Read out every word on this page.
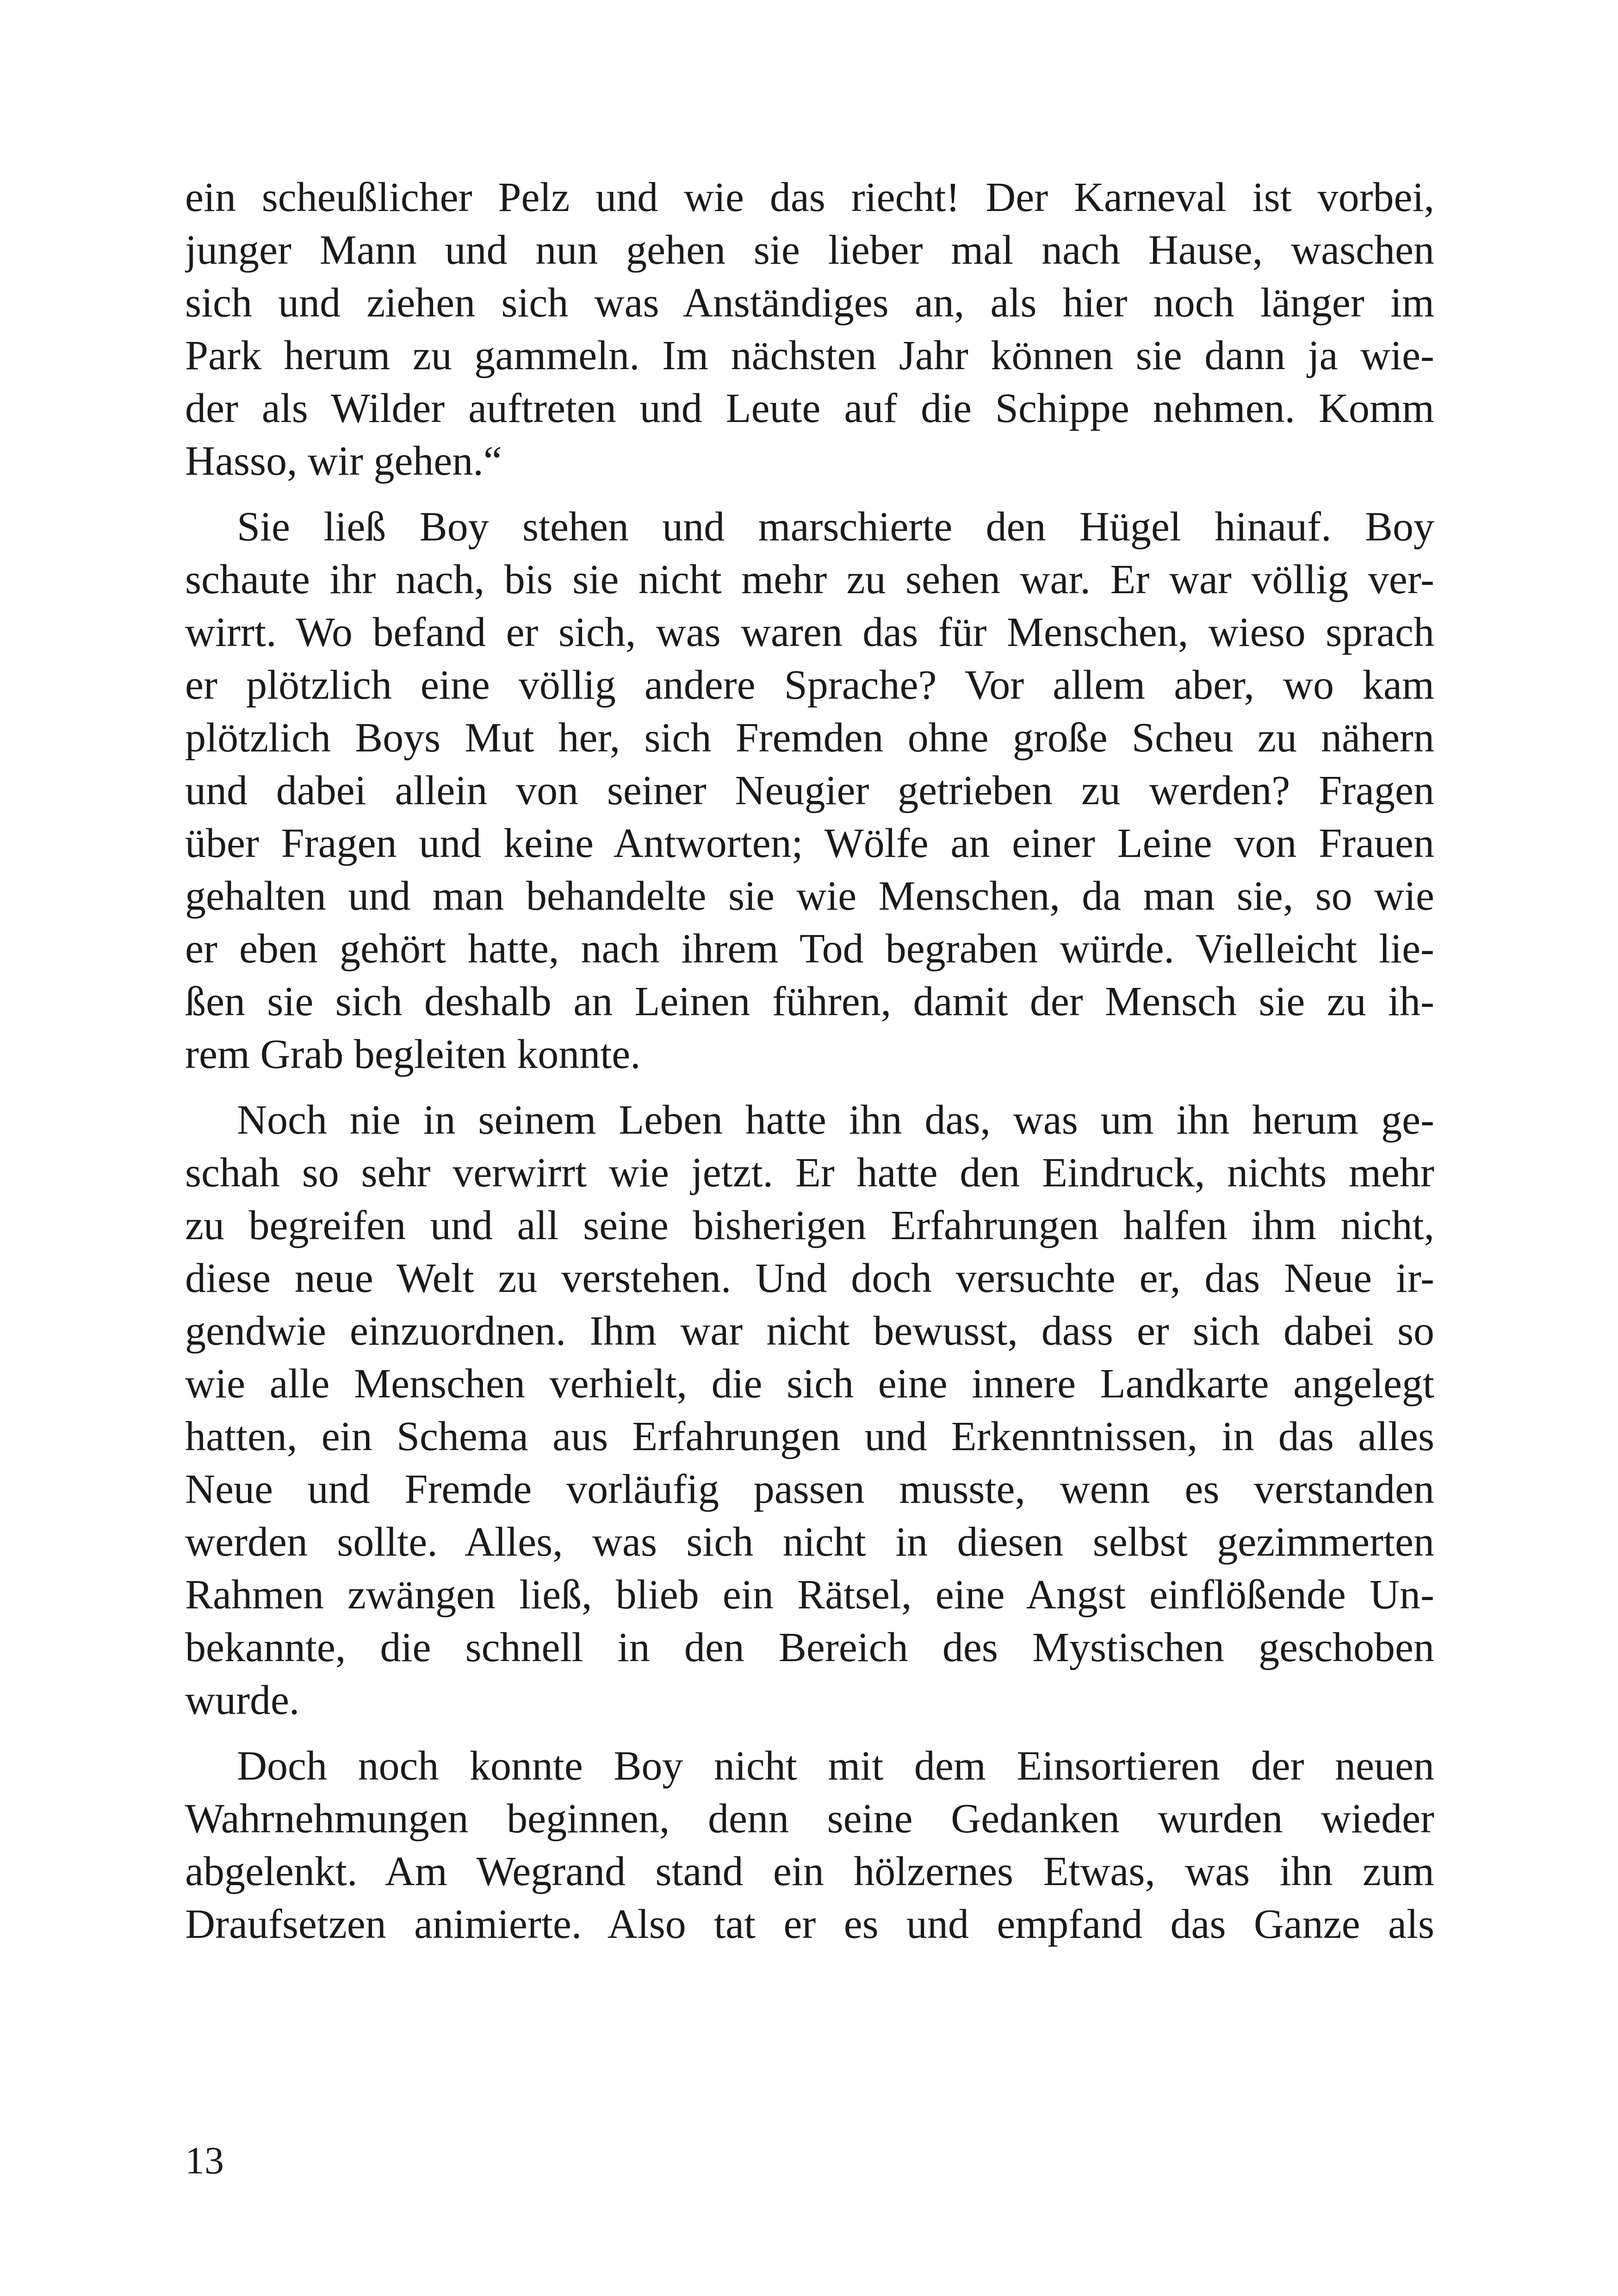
ein scheußlicher Pelz und wie das riecht! Der Karneval ist vorbei,
junger Mann und nun gehen sie lieber mal nach Hause, waschen
sich und ziehen sich was Anständiges an, als hier noch länger im
Park herum zu gammeln. Im nächsten Jahr können sie dann ja wie-
der als Wilder auftreten und Leute auf die Schippe nehmen. Komm
Hasso, wir gehen.“

Sie ließ Boy stehen und marschierte den Hügel hinauf. Boy
schaute ihr nach, bis sie nicht mehr zu sehen war. Er war völlig ver-
wirrt. Wo befand er sich, was waren das für Menschen, wieso sprach
er plötzlich eine völlig andere Sprache? Vor allem aber, wo kam
plötzlich Boys Mut her, sich Fremden ohne große Scheu zu nähern
und dabei allein von seiner Neugier getrieben zu werden? Fragen
über Fragen und keine Antworten; Wölfe an einer Leine von Frauen
gehalten und man behandelte sie wie Menschen, da man sie, so wie
er eben gehört hatte, nach ihrem Tod begraben würde. Vielleicht lie-
ßen sie sich deshalb an Leinen führen, damit der Mensch sie zu ih-
rem Grab begleiten konnte.

Noch nie in seinem Leben hatte ihn das, was um ihn herum ge-
schah so sehr verwirrt wie jetzt. Er hatte den Eindruck, nichts mehr
zu begreifen und all seine bisherigen Erfahrungen halfen ihm nicht,
diese neue Welt zu verstehen. Und doch versuchte er, das Neue ir-
gendwie einzuordnen. Ihm war nicht bewusst, dass er sich dabei so
wie alle Menschen verhielt, die sich eine innere Landkarte angelegt
hatten, ein Schema aus Erfahrungen und Erkenntnissen, in das alles
Neue und Fremde vorläufig passen musste, wenn es verstanden
werden sollte. Alles, was sich nicht in diesen selbst gezimmerten
Rahmen zwängen ließ, blieb ein Rätsel, eine Angst einflößende Un-
bekannte, die schnell in den Bereich des Mystischen geschoben
wurde.

Doch noch konnte Boy nicht mit dem Einsortieren der neuen
Wahrnehmungen beginnen, denn seine Gedanken wurden wieder
abgelenkt. Am Wegrand stand ein hölzernes Etwas, was ihn zum
Draufsetzen animierte. Also tat er es und empfand das Ganze als

13
